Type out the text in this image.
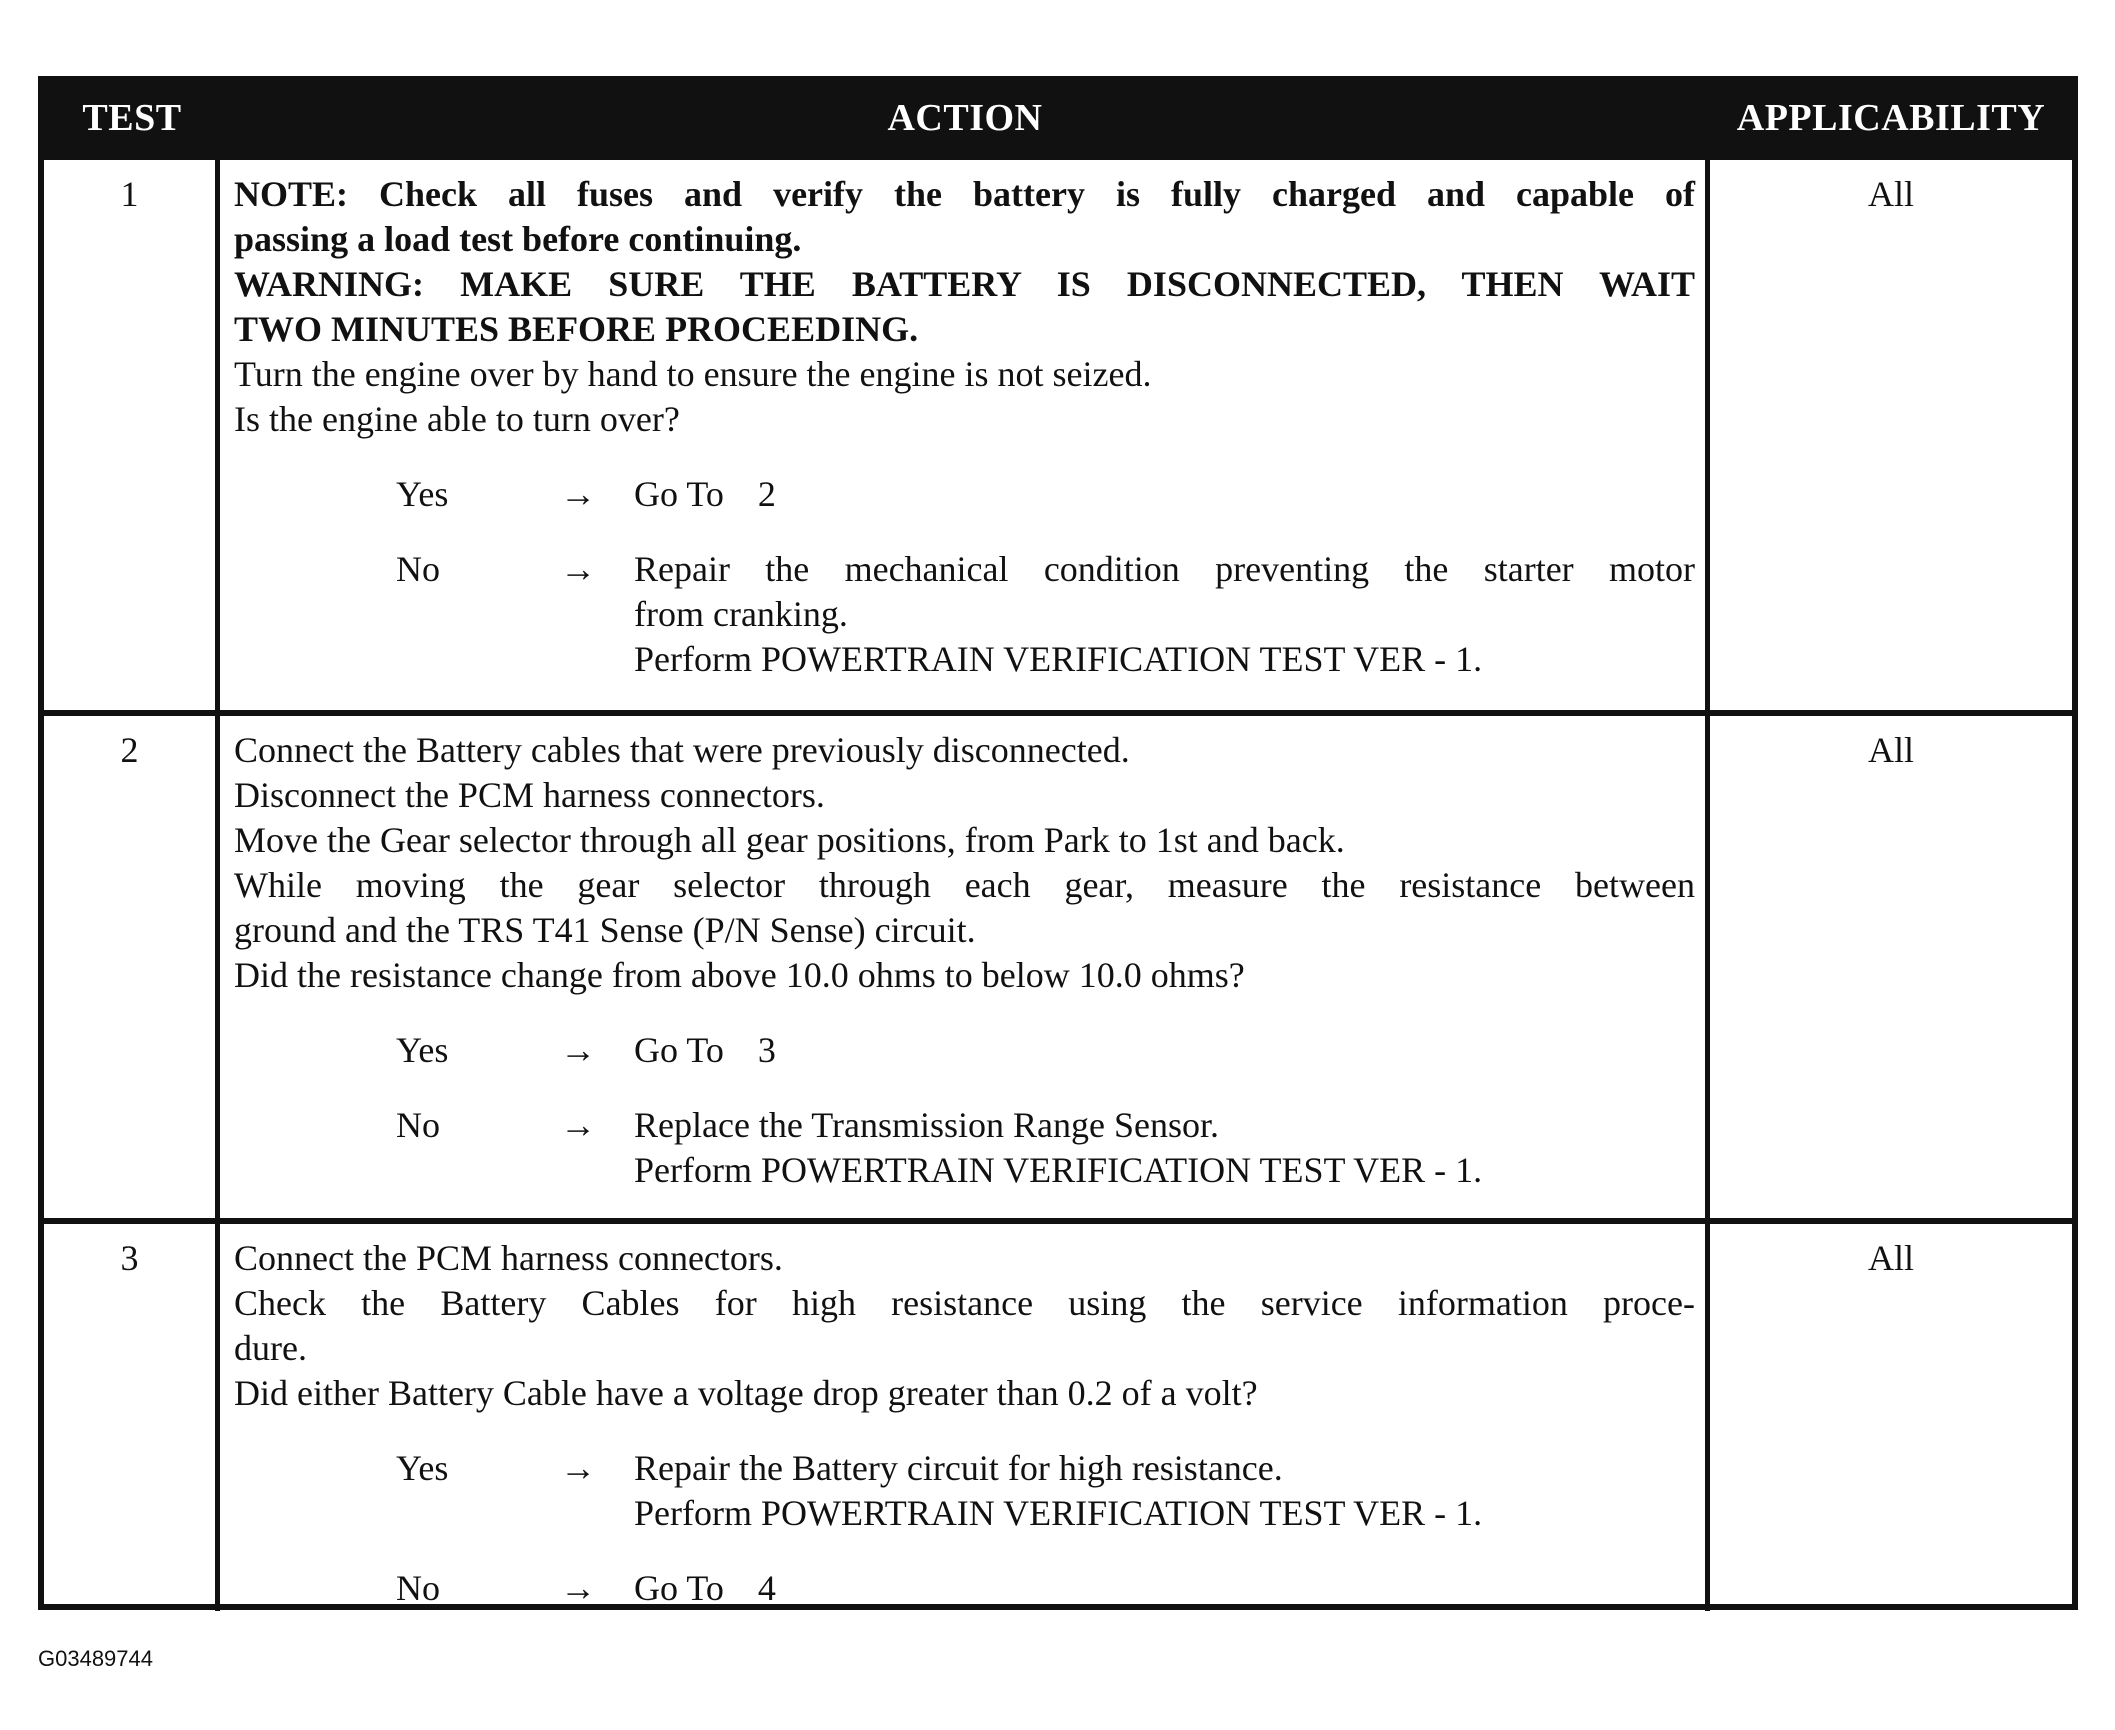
TEST	ACTION	APPLICABILITY
1	NOTE: Check all fuses and verify the battery is fully charged and capable of
passing a load test before continuing.
WARNING: MAKE SURE THE BATTERY IS DISCONNECTED, THEN WAIT
TWO MINUTES BEFORE PROCEEDING.
Turn the engine over by hand to ensure the engine is not seized.
Is the engine able to turn over?
Yes	→	Go To 2
No	→	Repair the mechanical condition preventing the starter motor
from cranking.
Perform POWERTRAIN VERIFICATION TEST VER - 1.
All
2	Connect the Battery cables that were previously disconnected.
Disconnect the PCM harness connectors.
Move the Gear selector through all gear positions, from Park to 1st and back.
While moving the gear selector through each gear, measure the resistance between
ground and the TRS T41 Sense (P/N Sense) circuit.
Did the resistance change from above 10.0 ohms to below 10.0 ohms?
Yes	→	Go To 3
No	→	Replace the Transmission Range Sensor.
Perform POWERTRAIN VERIFICATION TEST VER - 1.
All
3	Connect the PCM harness connectors.
Check the Battery Cables for high resistance using the service information proce-
dure.
Did either Battery Cable have a voltage drop greater than 0.2 of a volt?
Yes	→	Repair the Battery circuit for high resistance.
Perform POWERTRAIN VERIFICATION TEST VER - 1.
No	→	Go To 4
All
G03489744
